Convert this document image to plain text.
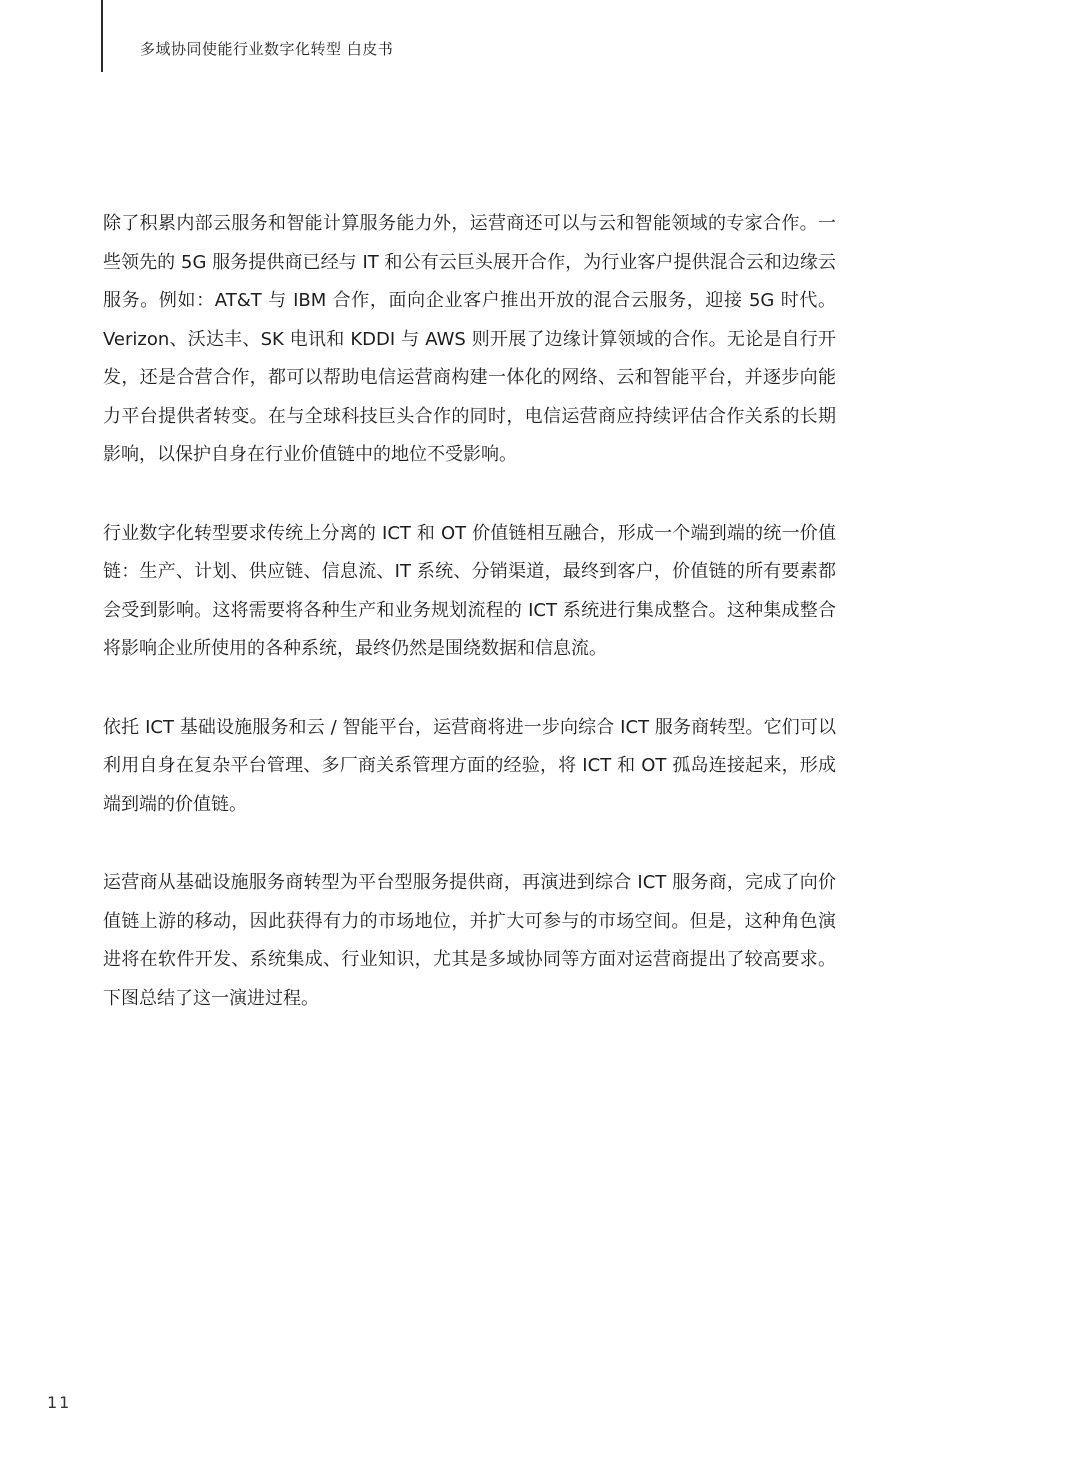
多域协同使能行业数字化转型 白皮书

除了积累内部云服务和智能计算服务能力外，运营商还可以与云和智能领域的专家合作。一些领先的 5G 服务提供商已经与 IT 和公有云巨头展开合作，为行业客户提供混合云和边缘云服务。例如：AT&T 与 IBM 合作，面向企业客户推出开放的混合云服务，迎接 5G 时代。Verizon、沃达丰、SK 电讯和 KDDI 与 AWS 则开展了边缘计算领域的合作。无论是自行开发，还是合营合作，都可以帮助电信运营商构建一体化的网络、云和智能平台，并逐步向能力平台提供者转变。在与全球科技巨头合作的同时，电信运营商应持续评估合作关系的长期影响，以保护自身在行业价值链中的地位不受影响。

行业数字化转型要求传统上分离的 ICT 和 OT 价值链相互融合，形成一个端到端的统一价值链：生产、计划、供应链、信息流、IT 系统、分销渠道，最终到客户，价值链的所有要素都会受到影响。这将需要将各种生产和业务规划流程的 ICT 系统进行集成整合。这种集成整合将影响企业所使用的各种系统，最终仍然是围绕数据和信息流。

依托 ICT 基础设施服务和云 / 智能平台，运营商将进一步向综合 ICT 服务商转型。它们可以利用自身在复杂平台管理、多厂商关系管理方面的经验，将 ICT 和 OT 孤岛连接起来，形成端到端的价值链。

运营商从基础设施服务商转型为平台型服务提供商，再演进到综合 ICT 服务商，完成了向价值链上游的移动，因此获得有力的市场地位，并扩大可参与的市场空间。但是，这种角色演进将在软件开发、系统集成、行业知识，尤其是多域协同等方面对运营商提出了较高要求。下图总结了这一演进过程。

11
